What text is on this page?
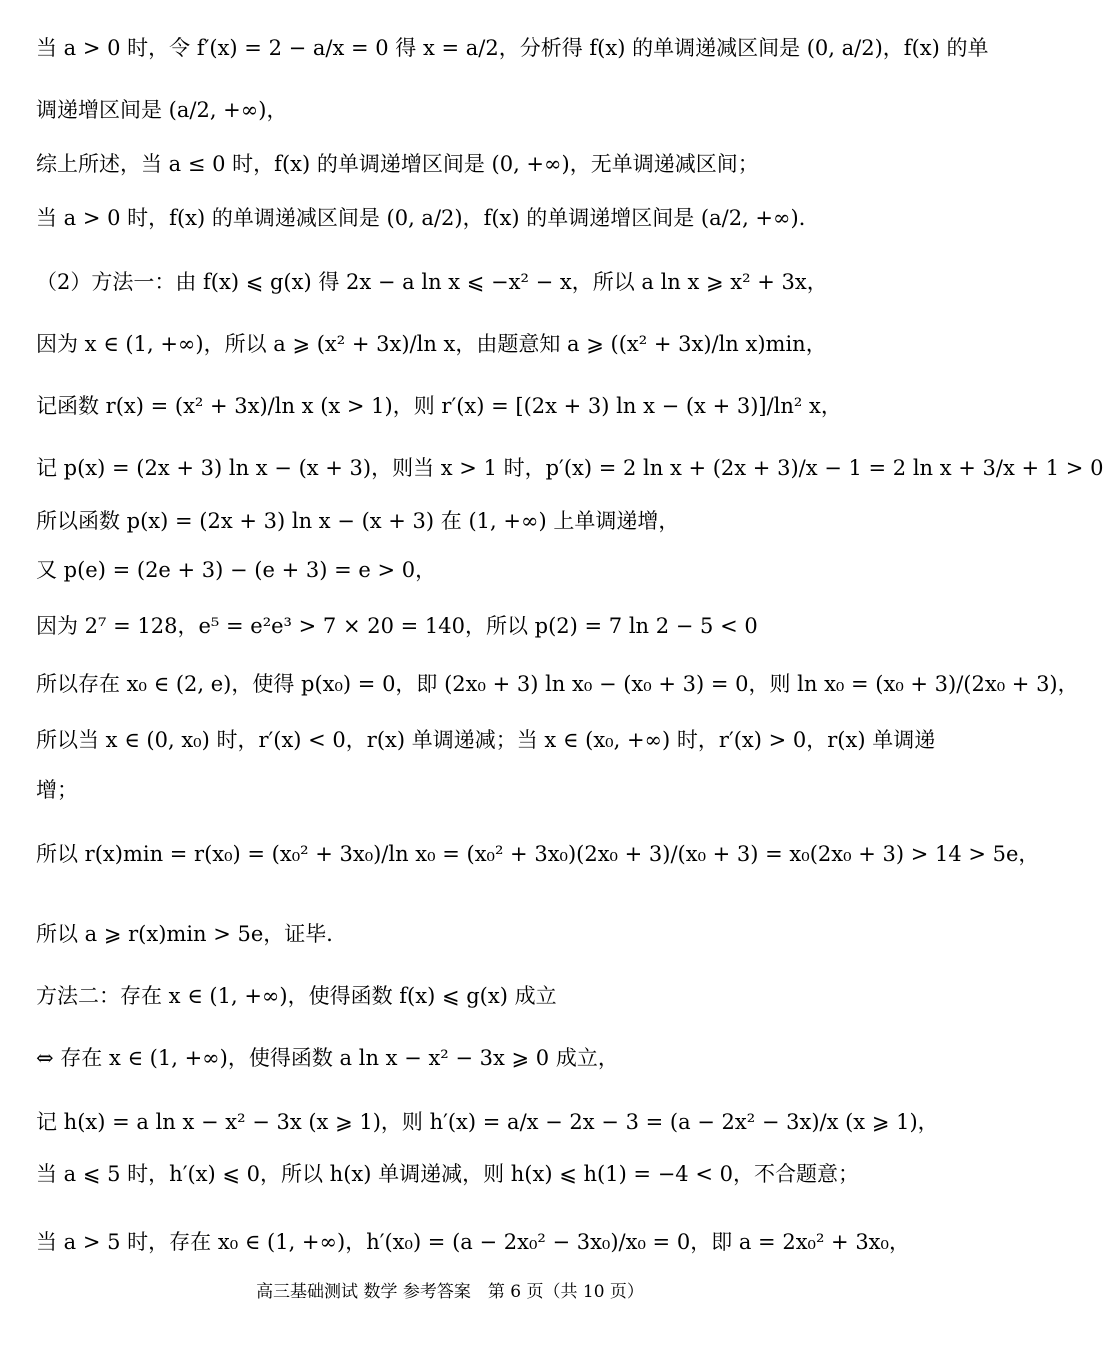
当 a > 0 时，令 f′(x) = 2 − a/x = 0 得 x = a/2，分析得 f(x) 的单调递减区间是 (0, a/2)，f(x) 的单
调递增区间是 (a/2, +∞)，
综上所述，当 a ≤ 0 时，f(x) 的单调递增区间是 (0, +∞)，无单调递减区间；
当 a > 0 时，f(x) 的单调递减区间是 (0, a/2)，f(x) 的单调递增区间是 (a/2, +∞)．
（2）方法一：由 f(x) ⩽ g(x) 得 2x − a ln x ⩽ −x² − x，所以 a ln x ⩾ x² + 3x，
因为 x ∈ (1, +∞)，所以 a ⩾ (x² + 3x)/ln x，由题意知 a ⩾ ((x² + 3x)/ln x)min，
记函数 r(x) = (x² + 3x)/ln x (x > 1)，则 r′(x) = [(2x + 3) ln x − (x + 3)]/ln² x，
记 p(x) = (2x + 3) ln x − (x + 3)，则当 x > 1 时，p′(x) = 2 ln x + (2x + 3)/x − 1 = 2 ln x + 3/x + 1 > 0
所以函数 p(x) = (2x + 3) ln x − (x + 3) 在 (1, +∞) 上单调递增，
又 p(e) = (2e + 3) − (e + 3) = e > 0，
因为 2⁷ = 128，e⁵ = e²e³ > 7 × 20 = 140，所以 p(2) = 7 ln 2 − 5 < 0
所以存在 x₀ ∈ (2, e)，使得 p(x₀) = 0，即 (2x₀ + 3) ln x₀ − (x₀ + 3) = 0，则 ln x₀ = (x₀ + 3)/(2x₀ + 3)，
所以当 x ∈ (0, x₀) 时，r′(x) < 0，r(x) 单调递减；当 x ∈ (x₀, +∞) 时，r′(x) > 0，r(x) 单调递
增；
所以 r(x)min = r(x₀) = (x₀² + 3x₀)/ln x₀ = (x₀² + 3x₀)(2x₀ + 3)/(x₀ + 3) = x₀(2x₀ + 3) > 14 > 5e，
所以 a ⩾ r(x)min > 5e，证毕．
方法二：存在 x ∈ (1, +∞)，使得函数 f(x) ⩽ g(x) 成立
⇔ 存在 x ∈ (1, +∞)，使得函数 a ln x − x² − 3x ⩾ 0 成立，
记 h(x) = a ln x − x² − 3x (x ⩾ 1)，则 h′(x) = a/x − 2x − 3 = (a − 2x² − 3x)/x (x ⩾ 1)，
当 a ⩽ 5 时，h′(x) ⩽ 0，所以 h(x) 单调递减，则 h(x) ⩽ h(1) = −4 < 0，不合题意；
当 a > 5 时，存在 x₀ ∈ (1, +∞)，h′(x₀) = (a − 2x₀² − 3x₀)/x₀ = 0，即 a = 2x₀² + 3x₀，
高三基础测试 数学 参考答案　第 6 页（共 10 页）
